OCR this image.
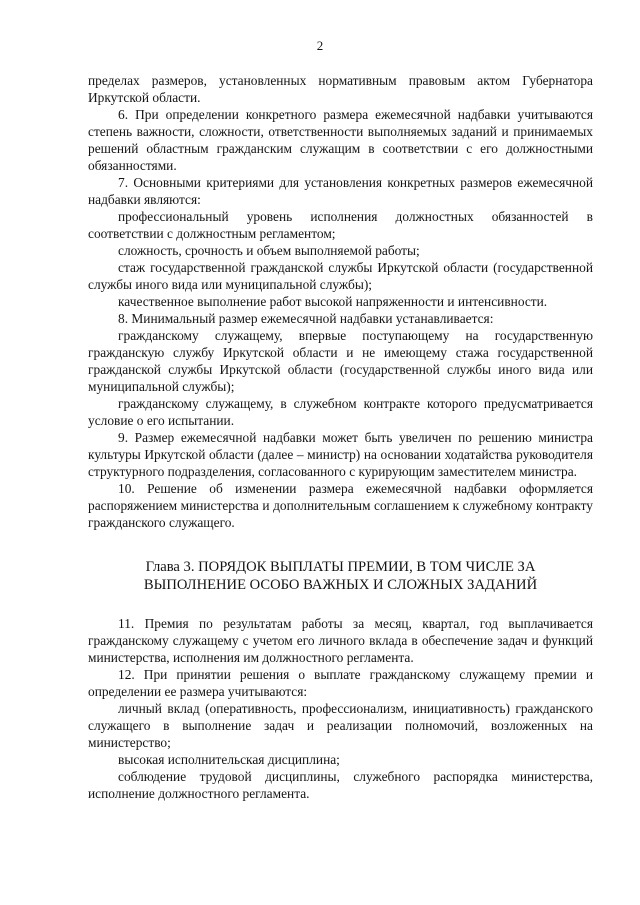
2

пределах размеров, установленных нормативным правовым актом Губернатора Иркутской области.

6. При определении конкретного размера ежемесячной надбавки учитываются степень важности, сложности, ответственности выполняемых заданий и принимаемых решений областным гражданским служащим в соответствии с его должностными обязанностями.

7. Основными критериями для установления конкретных размеров ежемесячной надбавки являются:

профессиональный уровень исполнения должностных обязанностей в соответствии с должностным регламентом;

сложность, срочность и объем выполняемой работы;

стаж государственной гражданской службы Иркутской области (государственной службы иного вида или муниципальной службы);

качественное выполнение работ высокой напряженности и интенсивности.

8. Минимальный размер ежемесячной надбавки устанавливается:

гражданскому служащему, впервые поступающему на государственную гражданскую службу Иркутской области и не имеющему стажа государственной гражданской службы Иркутской области (государственной службы иного вида или муниципальной службы);

гражданскому служащему, в служебном контракте которого предусматривается условие о его испытании.

9. Размер ежемесячной надбавки может быть увеличен по решению министра культуры Иркутской области (далее – министр) на основании ходатайства руководителя структурного подразделения, согласованного с курирующим заместителем министра.

10. Решение об изменении размера ежемесячной надбавки оформляется распоряжением министерства и дополнительным соглашением к служебному контракту гражданского служащего.

Глава 3. ПОРЯДОК ВЫПЛАТЫ ПРЕМИИ, В ТОМ ЧИСЛЕ ЗА
ВЫПОЛНЕНИЕ ОСОБО ВАЖНЫХ И СЛОЖНЫХ ЗАДАНИЙ

11. Премия по результатам работы за месяц, квартал, год выплачивается гражданскому служащему с учетом его личного вклада в обеспечение задач и функций министерства, исполнения им должностного регламента.

12. При принятии решения о выплате гражданскому служащему премии и определении ее размера учитываются:

личный вклад (оперативность, профессионализм, инициативность) гражданского служащего в выполнение задач и реализации полномочий, возложенных на министерство;

высокая исполнительская дисциплина;

соблюдение трудовой дисциплины, служебного распорядка министерства, исполнение должностного регламента.
